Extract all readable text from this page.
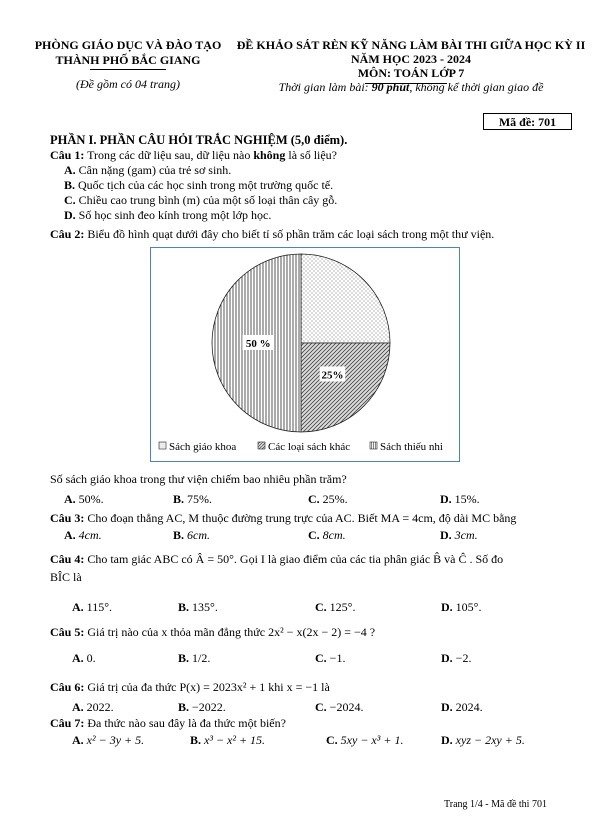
PHÒNG GIÁO DỤC VÀ ĐÀO TẠO
THÀNH PHỐ BẮC GIANG
(Đề gồm có 04 trang)
ĐỀ KHẢO SÁT RÈN KỸ NĂNG LÀM BÀI THI GIỮA HỌC KỲ II
NĂM HỌC 2023 - 2024
MÔN: TOÁN LỚP 7
Thời gian làm bài: 90 phút, không kể thời gian giao đề
Mã đề: 701
PHẦN I. PHẦN CÂU HỎI TRẮC NGHIỆM (5,0 điểm).
Câu 1: Trong các dữ liệu sau, dữ liệu nào không là số liệu?
A. Cân nặng (gam) của trẻ sơ sinh.
B. Quốc tịch của các học sinh trong một trường quốc tế.
C. Chiều cao trung bình (m) của một số loại thân cây gỗ.
D. Số học sinh đeo kính trong một lớp học.
Câu 2: Biểu đồ hình quạt dưới đây cho biết tỉ số phần trăm các loại sách trong một thư viện.
25%
50 %
Sách giáo khoa	Các loại sách khác	Sách thiếu nhi
Số sách giáo khoa trong thư viện chiếm bao nhiêu phần trăm?
A. 50%.	B. 75%.	C. 25%.	D. 15%.
Câu 3: Cho đoạn thẳng AC, M thuộc đường trung trực của AC. Biết MA = 4cm, độ dài MC bằng
A. 4cm.	B. 6cm.	C. 8cm.	D. 3cm.
Câu 4: Cho tam giác ABC có Â = 50°. Gọi I là giao điểm của các tia phân giác B̂ và Ĉ . Số đo
BÎC là
A. 115°.	B. 135°.	C. 125°.	D. 105°.
Câu 5: Giá trị nào của x thỏa mãn đẳng thức 2x² − x(2x − 2) = −4 ?
A. 0.	B. 1/2.	C. −1.	D. −2.
Câu 6: Giá trị của đa thức P(x) = 2023x² + 1 khi x = −1 là
A. 2022.	B. −2022.	C. −2024.	D. 2024.
Câu 7: Đa thức nào sau đây là đa thức một biến?
A. x² − 3y + 5.	B. x³ − x² + 15.	C. 5xy − x³ + 1.	D. xyz − 2xy + 5.
Trang 1/4 - Mã đề thi 701
